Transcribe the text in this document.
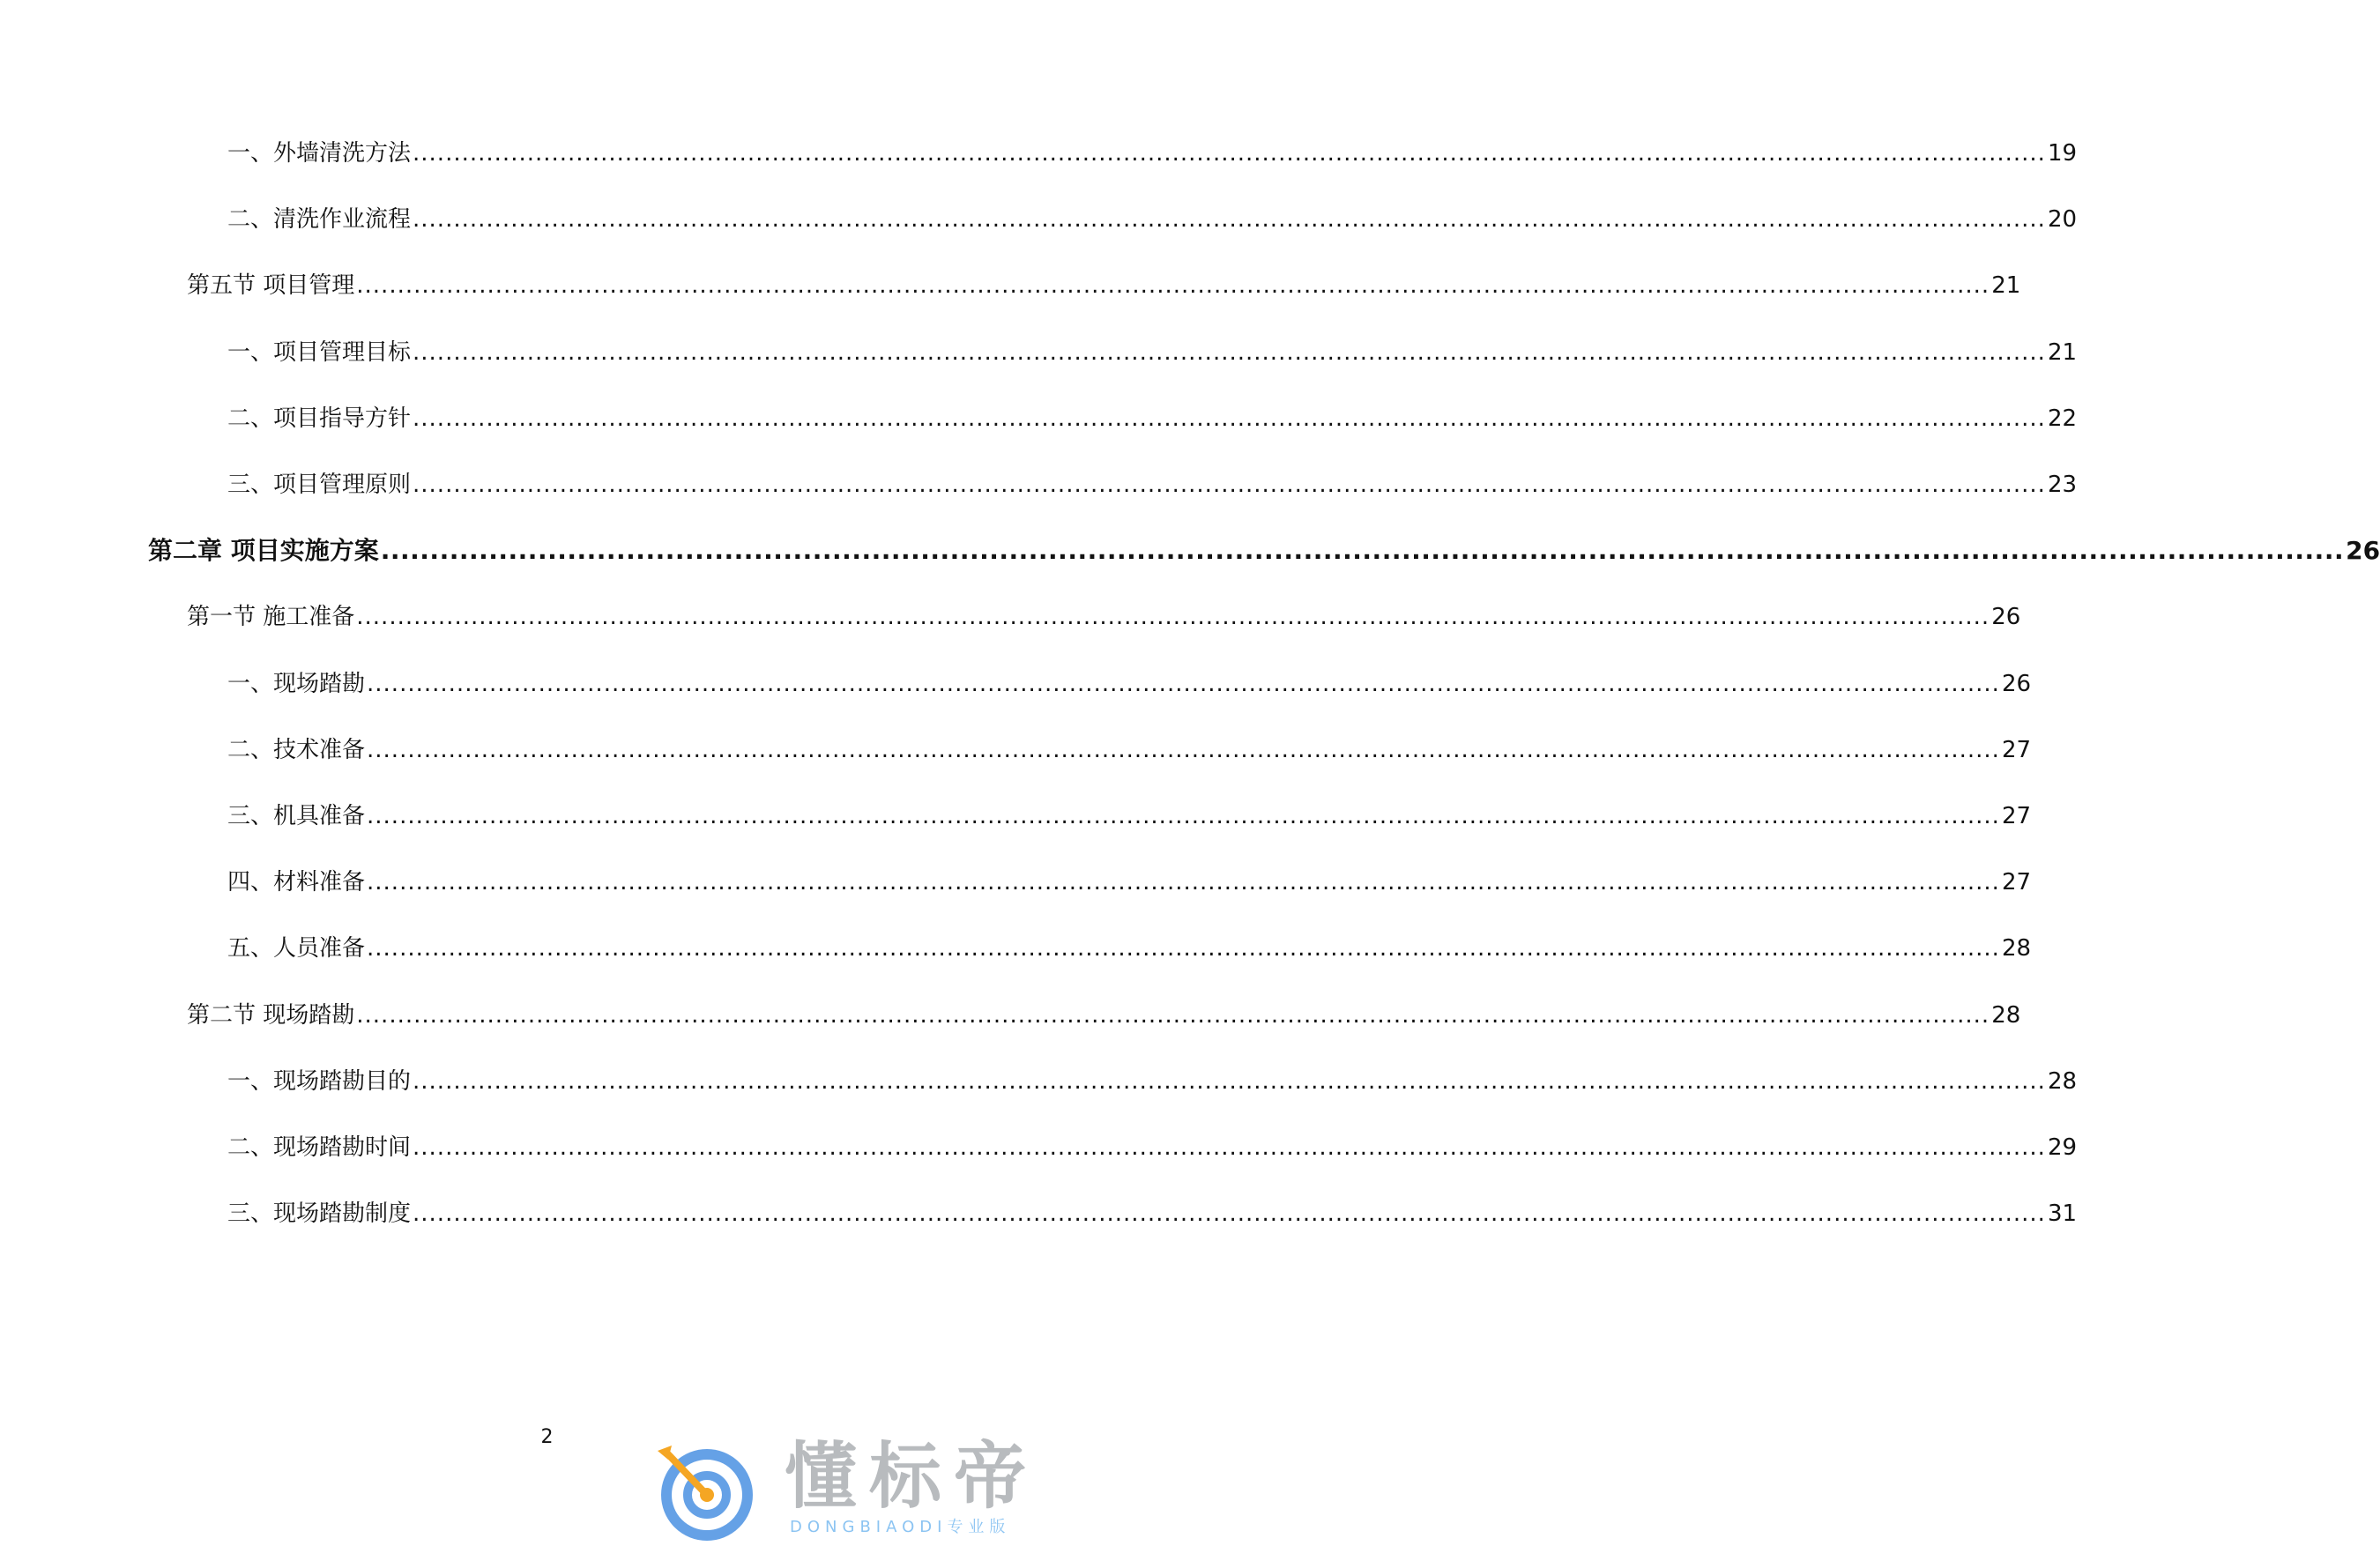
一、外墙清洗方法 ........................................................................................................................................................................................................ 19
二、清洗作业流程 ........................................................................................................................................................................................................ 20
第五节 项目管理 ........................................................................................................................................................................................................ 21
一、项目管理目标 ........................................................................................................................................................................................................ 21
二、项目指导方针 ........................................................................................................................................................................................................ 22
三、项目管理原则 ........................................................................................................................................................................................................ 23
第二章 项目实施方案 ........................................................................................................................................................................................................ 26
第一节 施工准备 ........................................................................................................................................................................................................ 26
一、现场踏勘 ........................................................................................................................................................................................................ 26
二、技术准备 ........................................................................................................................................................................................................ 27
三、机具准备 ........................................................................................................................................................................................................ 27
四、材料准备 ........................................................................................................................................................................................................ 27
五、人员准备 ........................................................................................................................................................................................................ 28
第二节 现场踏勘 ........................................................................................................................................................................................................ 28
一、现场踏勘目的 ........................................................................................................................................................................................................ 28
二、现场踏勘时间 ........................................................................................................................................................................................................ 29
三、现场踏勘制度 ........................................................................................................................................................................................................ 31
2	懂标帝
DONGBIAODI专业版
